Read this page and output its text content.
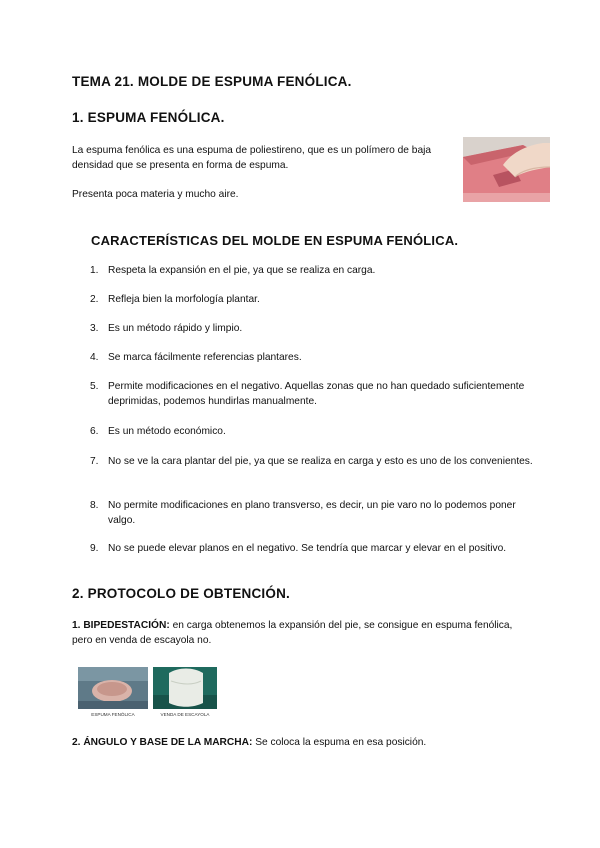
TEMA 21. MOLDE DE ESPUMA FENÓLICA.
1. ESPUMA FENÓLICA.
La espuma fenólica es una espuma de poliestireno, que es un polímero de baja densidad que se presenta en forma de espuma.
Presenta poca materia y mucho aire.
CARACTERÍSTICAS DEL MOLDE EN ESPUMA FENÓLICA.
1. Respeta la expansión en el pie, ya que se realiza en carga.
2. Refleja bien la morfología plantar.
3. Es un método rápido y limpio.
4. Se marca fácilmente referencias plantares.
5. Permite modificaciones en el negativo. Aquellas zonas que no han quedado suficientemente deprimidas, podemos hundirlas manualmente.
6. Es un método económico.
7. No se ve la cara plantar del pie, ya que se realiza en carga y esto es uno de los convenientes.
8. No permite modificaciones en plano transverso, es decir, un pie varo no lo podemos poner valgo.
9. No se puede elevar planos en el negativo. Se tendría que marcar y elevar en el positivo.
2. PROTOCOLO DE OBTENCIÓN.
1. BIPEDESTACIÓN: en carga obtenemos la expansión del pie, se consigue en espuma fenólica, pero en venda de escayola no.
ESPUMA FENÓLICA	VENDA DE ESCAYOLA
2. ÁNGULO Y BASE DE LA MARCHA: Se coloca la espuma en esa posición.
